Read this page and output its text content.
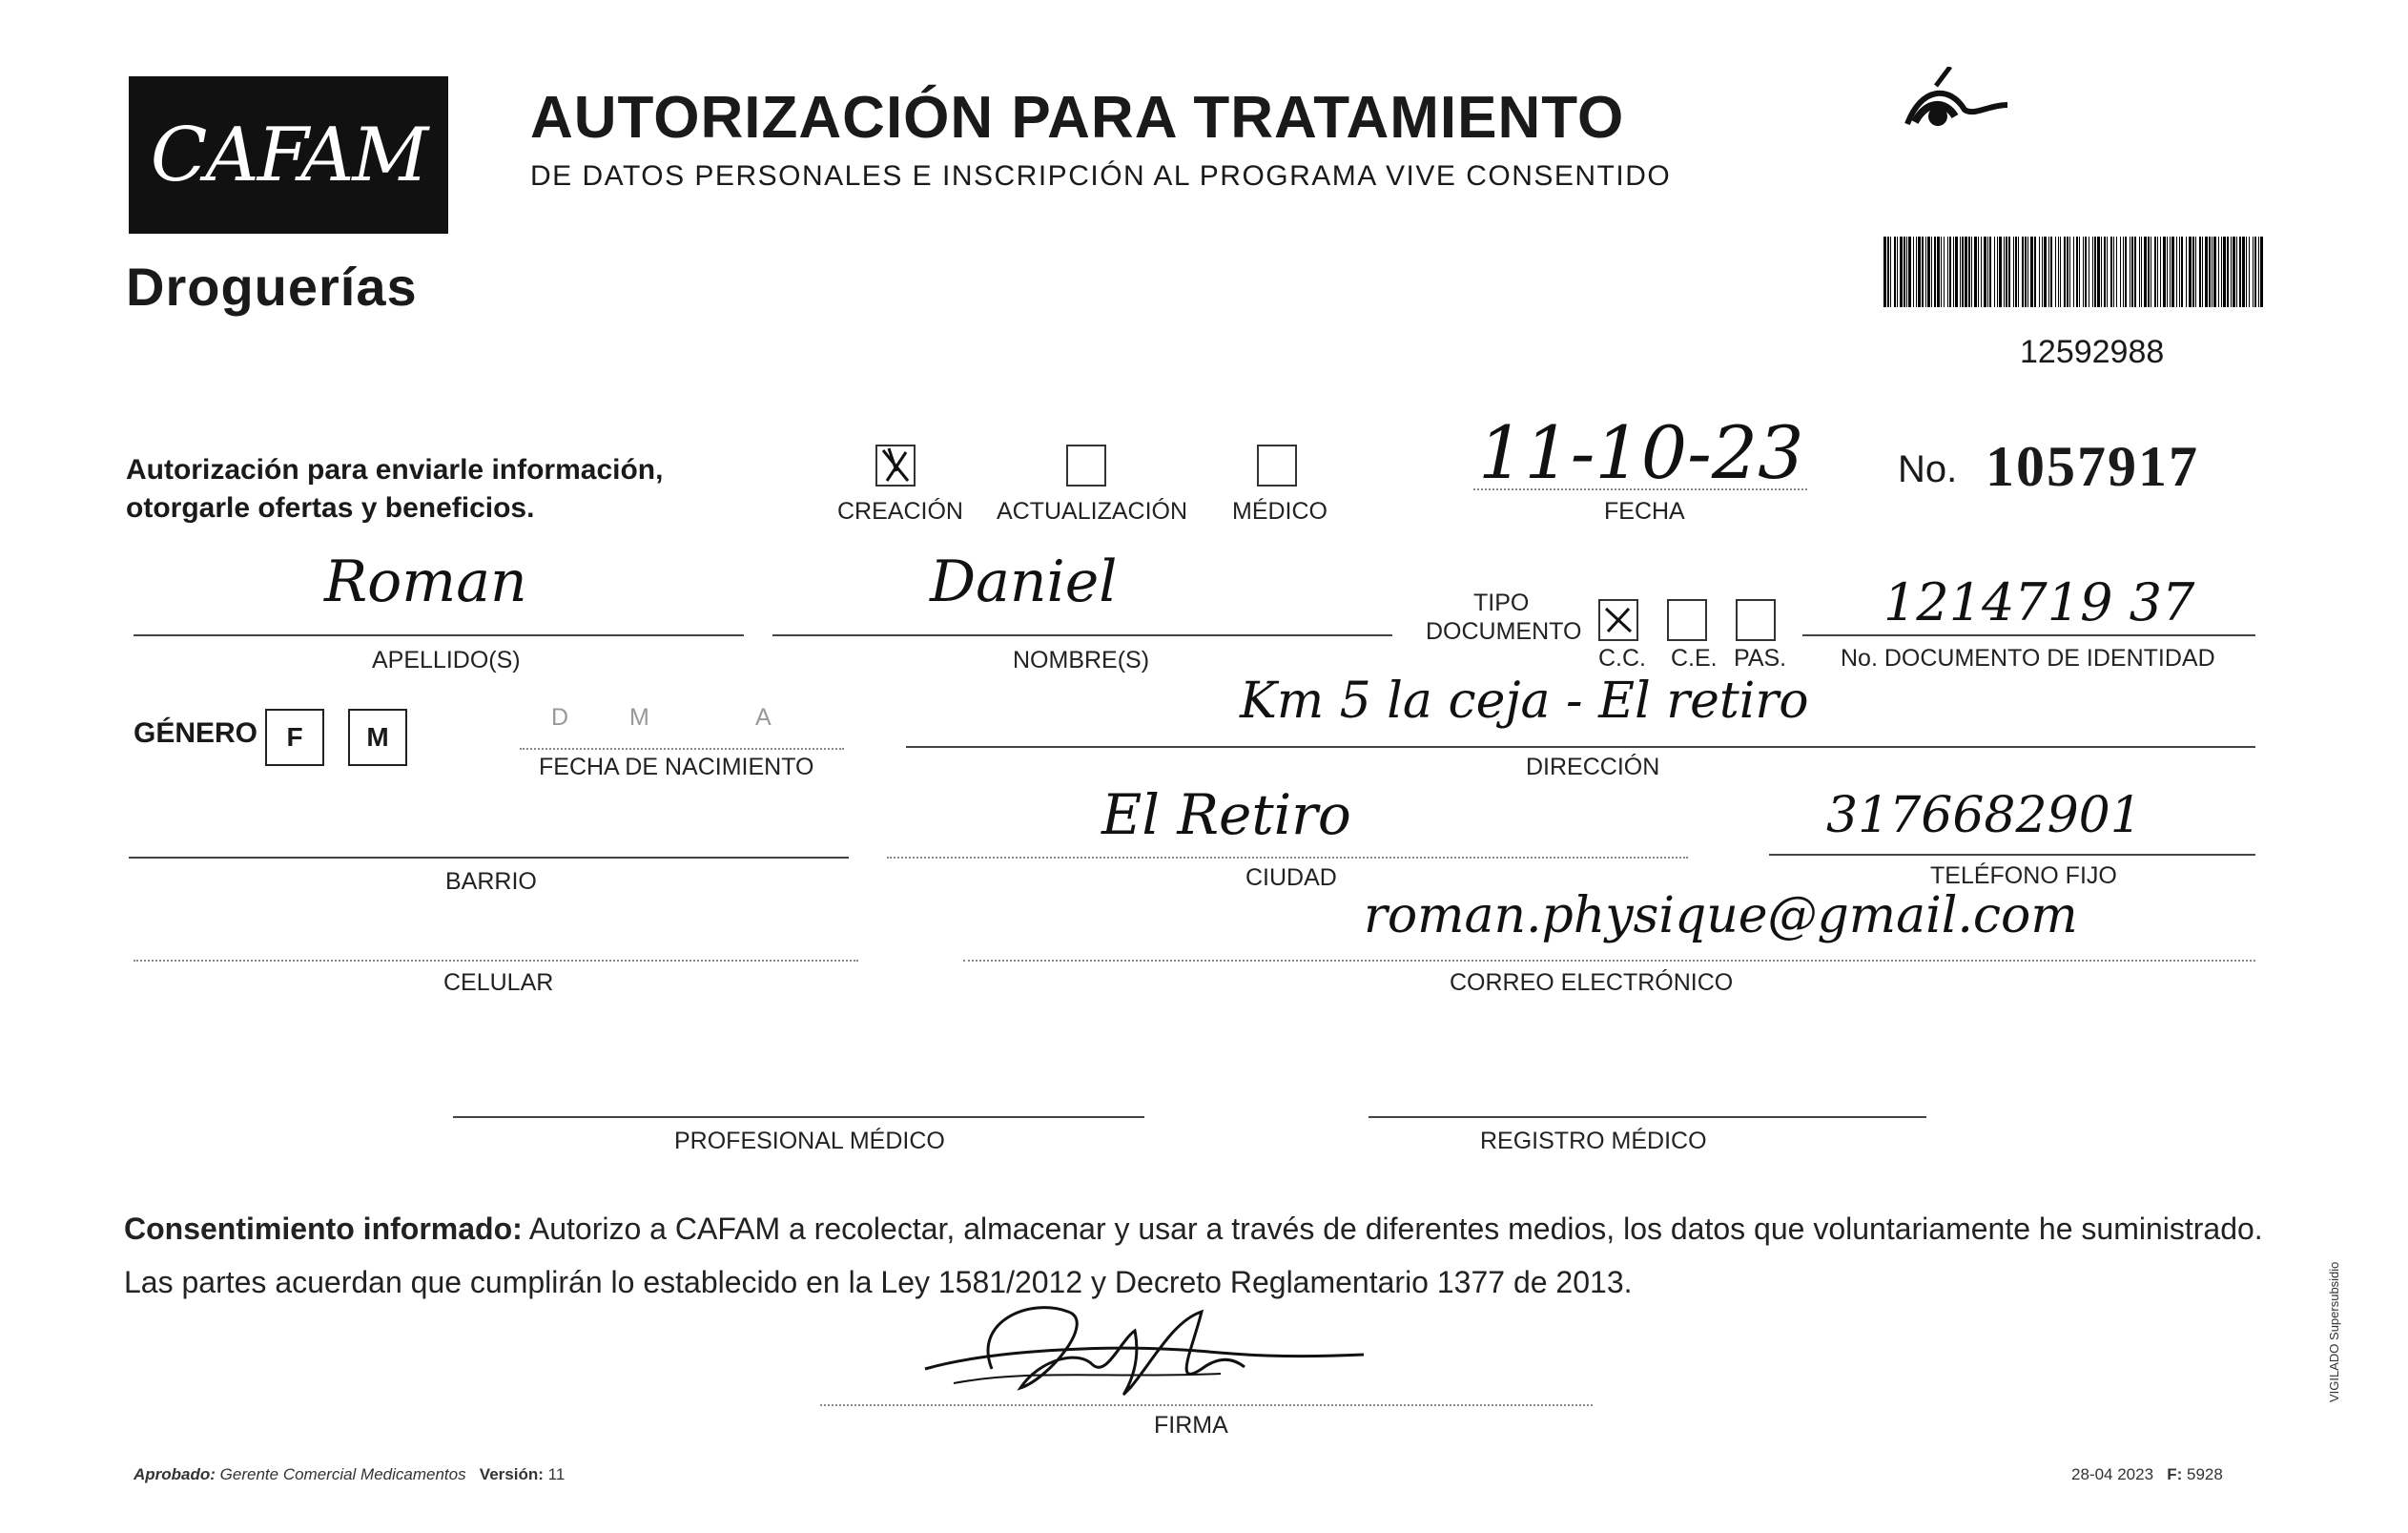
CAFAM
Droguerías
AUTORIZACIÓN PARA TRATAMIENTO
DE DATOS PERSONALES E INSCRIPCIÓN AL PROGRAMA VIVE CONSENTIDO
12592988
Autorización para enviarle información,
otorgarle ofertas y beneficios.	CREACIÓN ACTUALIZACIÓN MÉDICO
11-10-23
FECHA
No. 1057917
Roman
APELLIDO(S)
Daniel
NOMBRE(S)
TIPO
DOCUMENTO
C.C. C.E. PAS.
1214719 37
No. DOCUMENTO DE IDENTIDAD
GÉNERO	F	M
D	M	A
FECHA DE NACIMIENTO
Km 5 la ceja - El retiro
DIRECCIÓN
BARRIO
El Retiro
CIUDAD
3176682901
TELÉFONO FIJO
CELULAR
roman.physique@gmail.com
CORREO ELECTRÓNICO
PROFESIONAL MÉDICO	REGISTRO MÉDICO
Consentimiento informado: Autorizo a CAFAM a recolectar, almacenar y usar a través de diferentes medios, los datos que voluntariamente he suministrado.
Las partes acuerdan que cumplirán lo establecido en la Ley 1581/2012 y Decreto Reglamentario 1377 de 2013.
FIRMA
Aprobado: Gerente Comercial Medicamentos Versión: 11	28-04 2023 F: 5928
VIGILADO Supersubsidio
